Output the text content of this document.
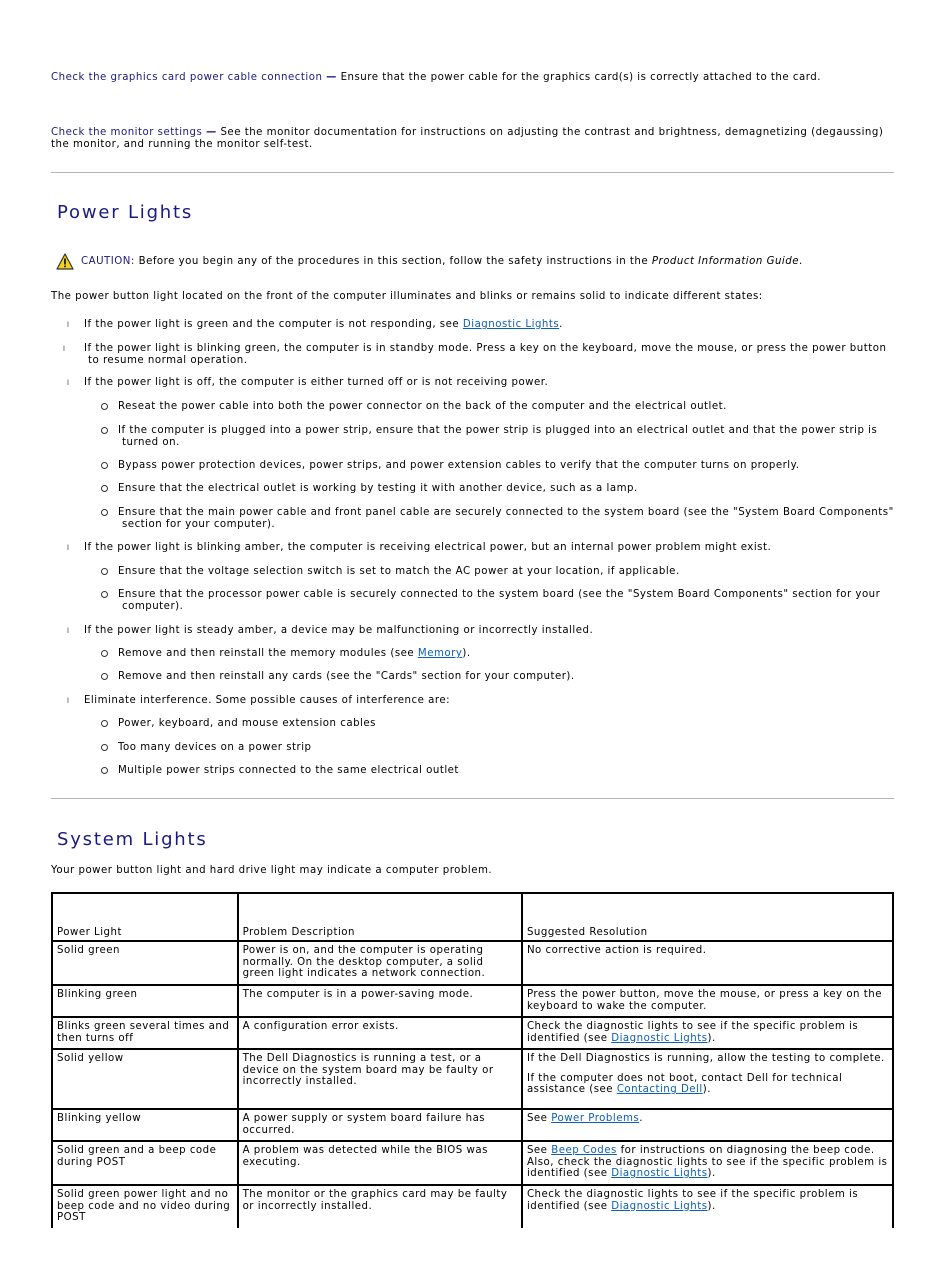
Check the graphics card power cable connection — Ensure that the power cable for the graphics card(s) is correctly attached to the card.
Check the monitor settings — See the monitor documentation for instructions on adjusting the contrast and brightness, demagnetizing (degaussing) the monitor, and running the monitor self-test.
Power Lights
CAUTION: Before you begin any of the procedures in this section, follow the safety instructions in the Product Information Guide.
The power button light located on the front of the computer illuminates and blinks or remains solid to indicate different states:
l If the power light is green and the computer is not responding, see Diagnostic Lights.
l If the power light is blinking green, the computer is in standby mode. Press a key on the keyboard, move the mouse, or press the power button to resume normal operation.
l If the power light is off, the computer is either turned off or is not receiving power.
Reseat the power cable into both the power connector on the back of the computer and the electrical outlet.
If the computer is plugged into a power strip, ensure that the power strip is plugged into an electrical outlet and that the power strip is turned on.
Bypass power protection devices, power strips, and power extension cables to verify that the computer turns on properly.
Ensure that the electrical outlet is working by testing it with another device, such as a lamp.
Ensure that the main power cable and front panel cable are securely connected to the system board (see the "System Board Components" section for your computer).
l If the power light is blinking amber, the computer is receiving electrical power, but an internal power problem might exist.
Ensure that the voltage selection switch is set to match the AC power at your location, if applicable.
Ensure that the processor power cable is securely connected to the system board (see the "System Board Components" section for your computer).
l If the power light is steady amber, a device may be malfunctioning or incorrectly installed.
Remove and then reinstall the memory modules (see Memory).
Remove and then reinstall any cards (see the "Cards" section for your computer).
l Eliminate interference. Some possible causes of interference are:
Power, keyboard, and mouse extension cables
Too many devices on a power strip
Multiple power strips connected to the same electrical outlet
System Lights
Your power button light and hard drive light may indicate a computer problem.
Power Light	Problem Description	Suggested Resolution
Solid green	Power is on, and the computer is operating normally. On the desktop computer, a solid green light indicates a network connection.	No corrective action is required.
Blinking green	The computer is in a power-saving mode.	Press the power button, move the mouse, or press a key on the keyboard to wake the computer.
Blinks green several times and then turns off	A configuration error exists.	Check the diagnostic lights to see if the specific problem is identified (see Diagnostic Lights).
Solid yellow	The Dell Diagnostics is running a test, or a device on the system board may be faulty or incorrectly installed.	If the Dell Diagnostics is running, allow the testing to complete.
If the computer does not boot, contact Dell for technical assistance (see Contacting Dell).
Blinking yellow	A power supply or system board failure has occurred.	See Power Problems.
Solid green and a beep code during POST	A problem was detected while the BIOS was executing.	See Beep Codes for instructions on diagnosing the beep code. Also, check the diagnostic lights to see if the specific problem is identified (see Diagnostic Lights).
Solid green power light and no beep code and no video during POST	The monitor or the graphics card may be faulty or incorrectly installed.	Check the diagnostic lights to see if the specific problem is identified (see Diagnostic Lights).
